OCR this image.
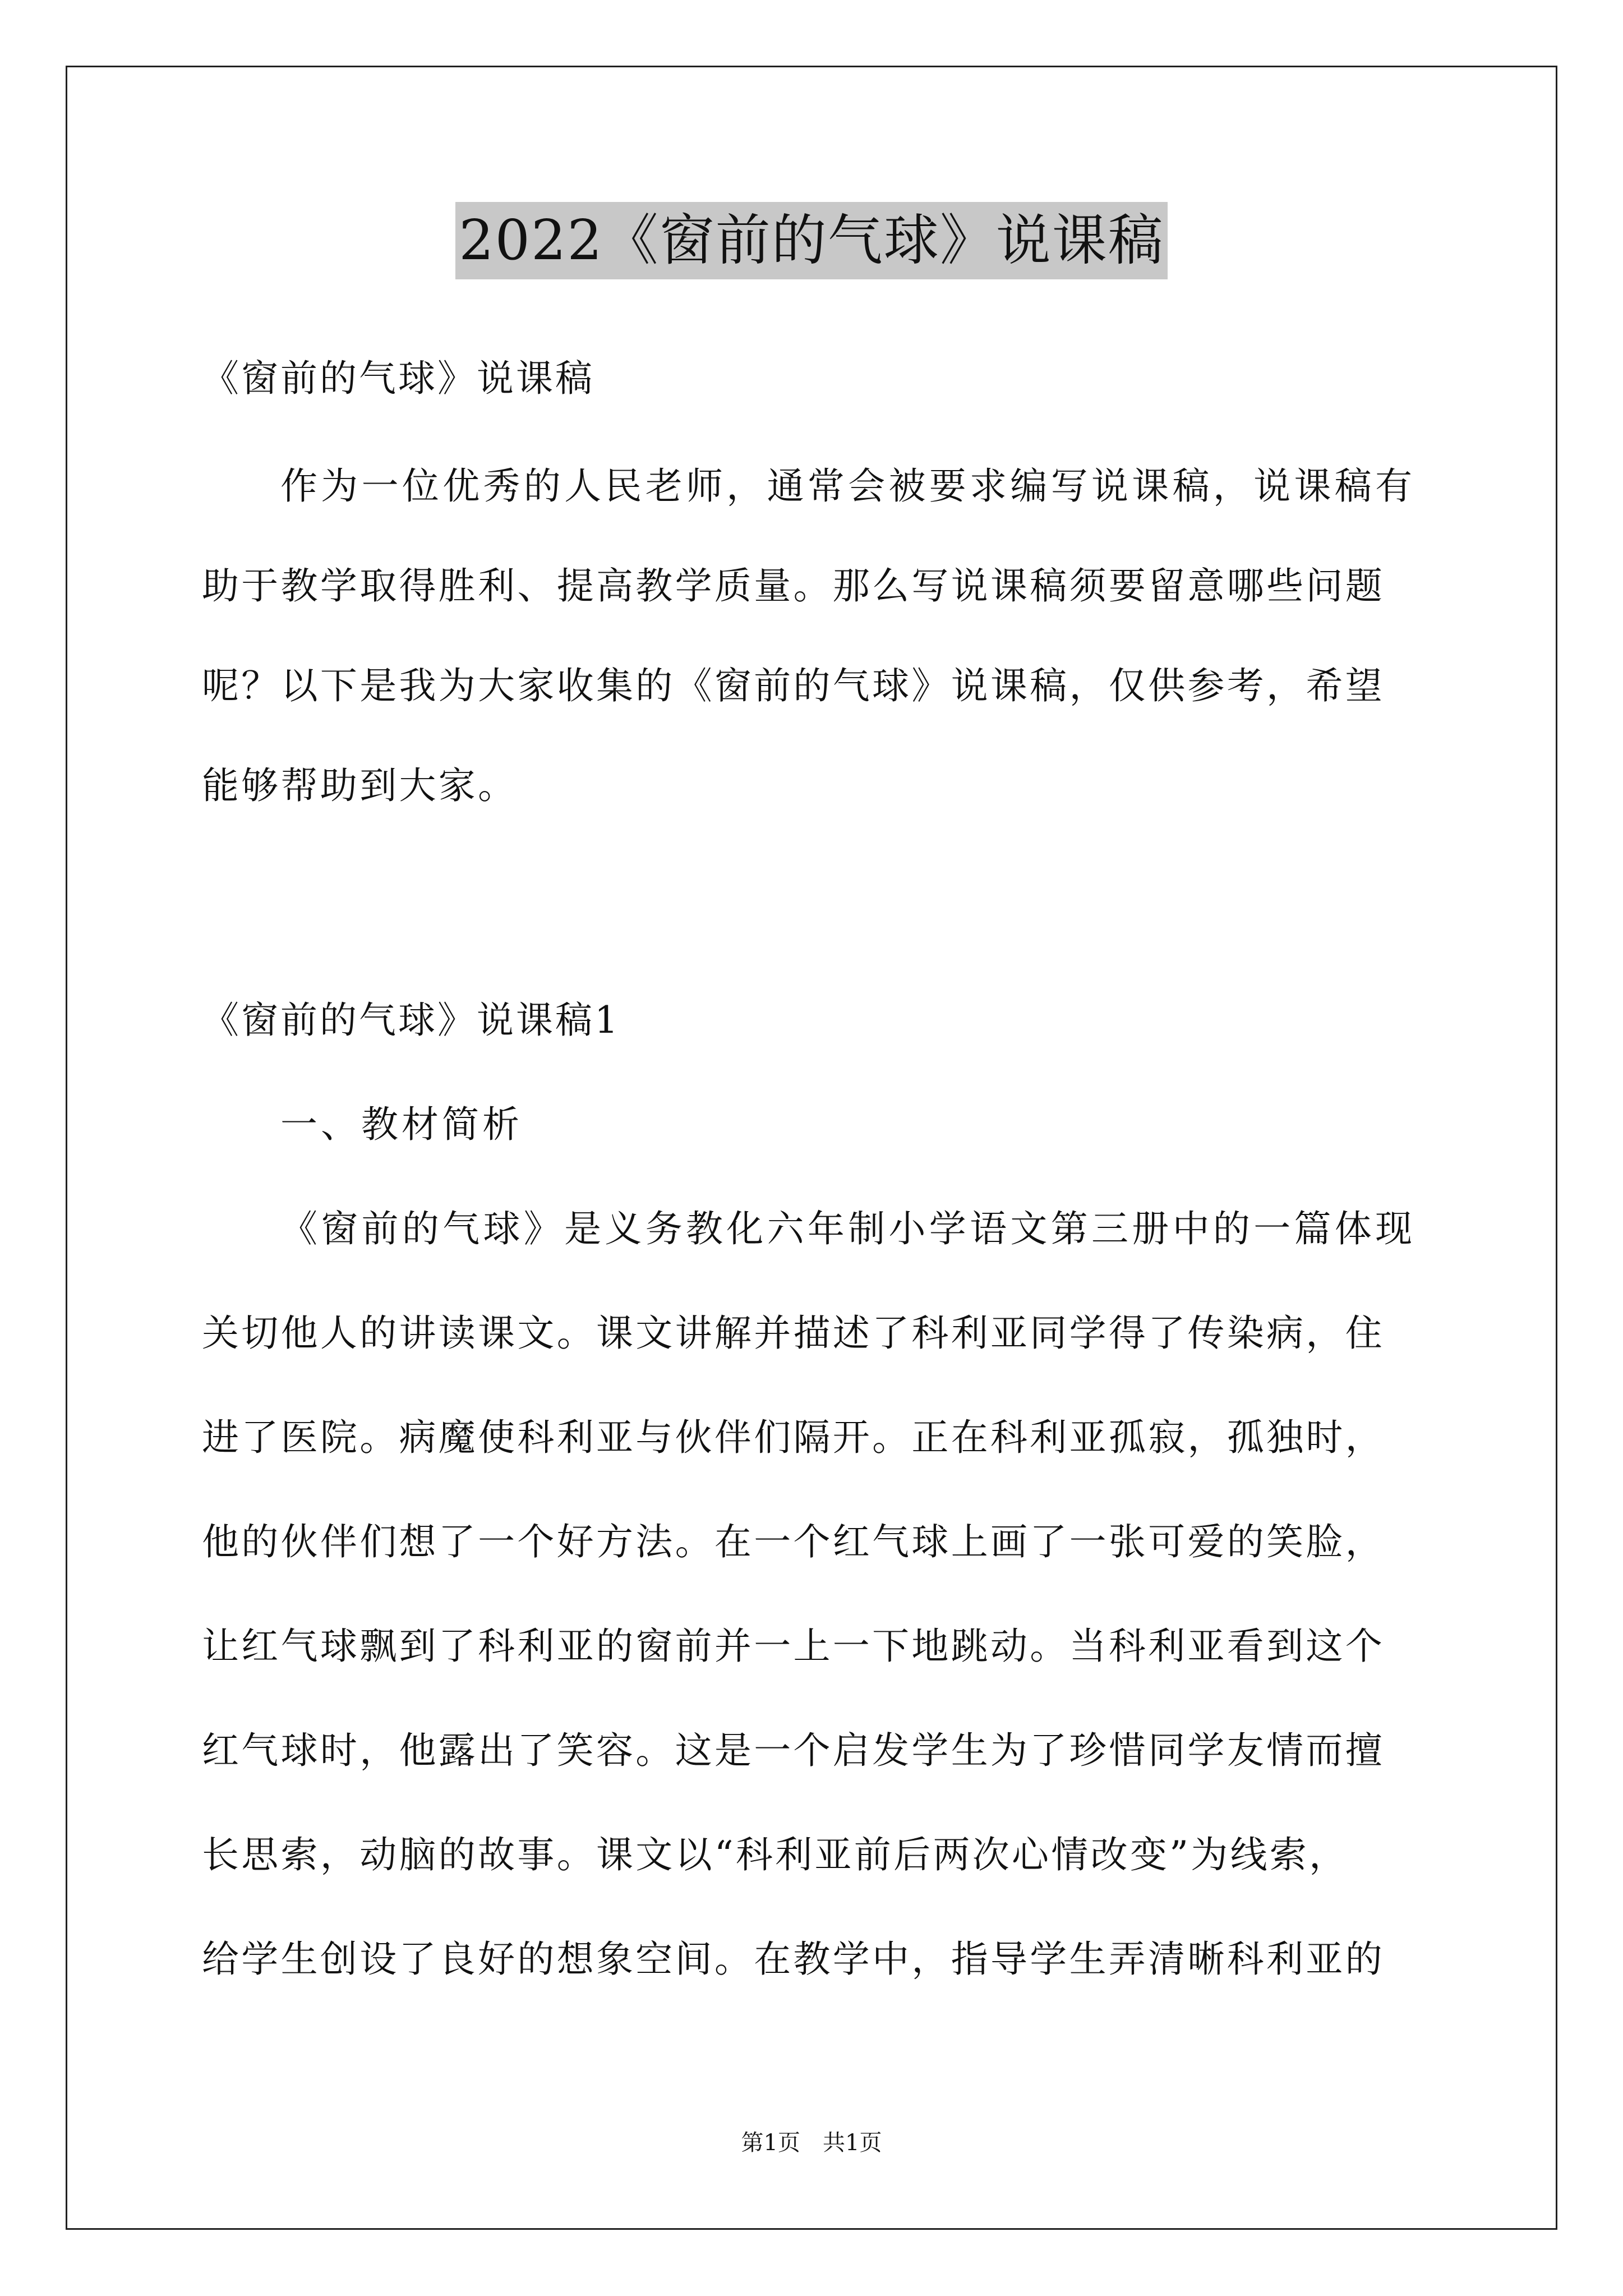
2022《窗前的气球》说课稿
《窗前的气球》说课稿
作为一位优秀的人民老师，通常会被要求编写说课稿，说课稿有
助于教学取得胜利、提高教学质量。那么写说课稿须要留意哪些问题
呢？以下是我为大家收集的《窗前的气球》说课稿，仅供参考，希望
能够帮助到大家。
《窗前的气球》说课稿1
一、教材简析
《窗前的气球》是义务教化六年制小学语文第三册中的一篇体现
关切他人的讲读课文。课文讲解并描述了科利亚同学得了传染病，住
进了医院。病魔使科利亚与伙伴们隔开。正在科利亚孤寂，孤独时，
他的伙伴们想了一个好方法。在一个红气球上画了一张可爱的笑脸，
让红气球飘到了科利亚的窗前并一上一下地跳动。当科利亚看到这个
红气球时，他露出了笑容。这是一个启发学生为了珍惜同学友情而擅
长思索，动脑的故事。课文以“科利亚前后两次心情改变”为线索，
给学生创设了良好的想象空间。在教学中，指导学生弄清晰科利亚的
第1页 共1页
